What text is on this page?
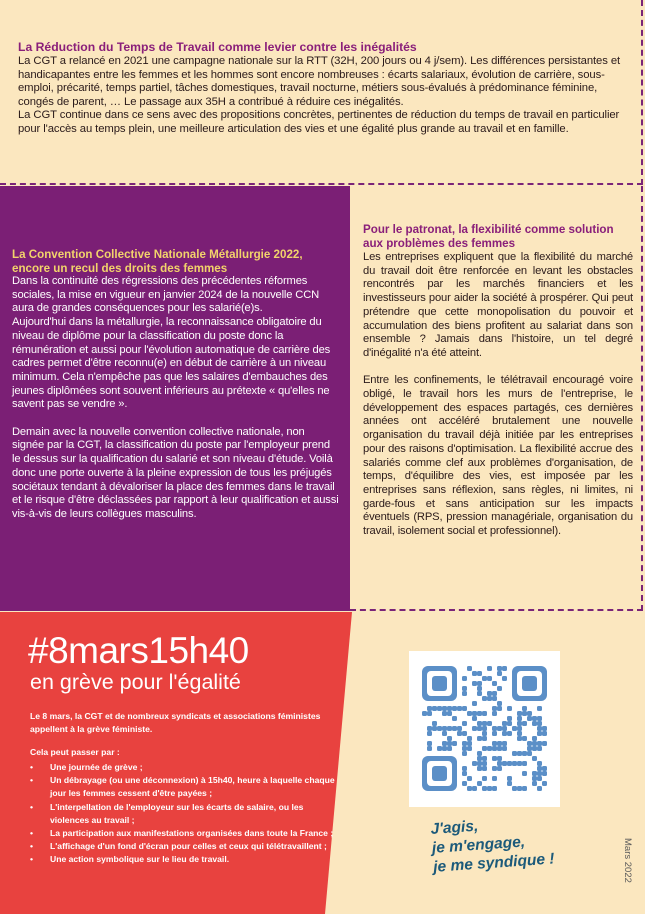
La Réduction du Temps de Travail comme levier contre les inégalités
La CGT a relancé en 2021 une campagne nationale sur la RTT (32H, 200 jours ou 4 j/sem). Les différences persistantes et handicapantes entre les femmes et les hommes sont encore nombreuses : écarts salariaux, évolution de carrière, sous-emploi, précarité, temps partiel, tâches domestiques, travail nocturne, métiers sous-évalués à prédominance féminine, congés de parent, … Le passage aux 35H a contribué à réduire ces inégalités.
La CGT continue dans ce sens avec des propositions concrètes, pertinentes de réduction du temps de travail en particulier pour l'accès au temps plein, une meilleure articulation des vies et une égalité plus grande au travail et en famille.
La Convention Collective Nationale Métallurgie 2022, encore un recul des droits des femmes

Dans la continuité des régressions des précédentes réformes sociales, la mise en vigueur en janvier 2024 de la nouvelle CCN aura de grandes conséquences pour les salarié(e)s.

Aujourd'hui dans la métallurgie, la reconnaissance obligatoire du niveau de diplôme pour la classification du poste donc la rémunération et aussi pour l'évolution automatique de carrière des cadres permet d'être reconnu(e) en début de carrière à un niveau minimum. Cela n'empêche pas que les salaires d'embauches des jeunes diplômées sont souvent inférieurs au prétexte « qu'elles ne savent pas se vendre ».

Demain avec la nouvelle convention collective nationale, non signée par la CGT, la classification du poste par l'employeur prend le dessus sur la qualification du salarié et son niveau d'étude. Voilà donc une porte ouverte à la pleine expression de tous les préjugés sociétaux tendant à dévaloriser la place des femmes dans le travail et le risque d'être déclassées par rapport à leur qualification et aussi vis-à-vis de leurs collègues masculins.

Pour le patronat, la flexibilité comme solution aux problèmes des femmes

Les entreprises expliquent que la flexibilité du marché du travail doit être renforcée en levant les obstacles rencontrés par les marchés financiers et les investisseurs pour aider la société à prospérer. Qui peut prétendre que cette monopolisation du pouvoir et accumulation des biens profitent au salariat dans son ensemble ? Jamais dans l'histoire, un tel degré d'inégalité n'a été atteint.

Entre les confinements, le télétravail encouragé voire obligé, le travail hors les murs de l'entreprise, le développement des espaces partagés, ces dernières années ont accéléré brutalement une nouvelle organisation du travail déjà initiée par les entreprises pour des raisons d'optimisation. La flexibilité accrue des salariés comme clef aux problèmes d'organisation, de temps, d'équilibre des vies, est imposée par les entreprises sans réflexion, sans règles, ni limites, ni garde-fous et sans anticipation sur les impacts éventuels (RPS, pression managériale, organisation du travail, isolement social et professionnel).

#8mars15h40
en grève pour l'égalité
Le 8 mars, la CGT et de nombreux syndicats et associations féministes appellent à la grève féministe.
Cela peut passer par :
• Une journée de grève ;
• Un débrayage (ou une déconnexion) à 15h40, heure à laquelle chaque jour les femmes cessent d'être payées ;
• L'interpellation de l'employeur sur les écarts de salaire, ou les violences au travail ;
• La participation aux manifestations organisées dans toute la France ;
• L'affichage d'un fond d'écran pour celles et ceux qui télétravaillent ;
• Une action symbolique sur le lieu de travail.
J'agis,
je m'engage,
je me syndique !	Mars 2022
